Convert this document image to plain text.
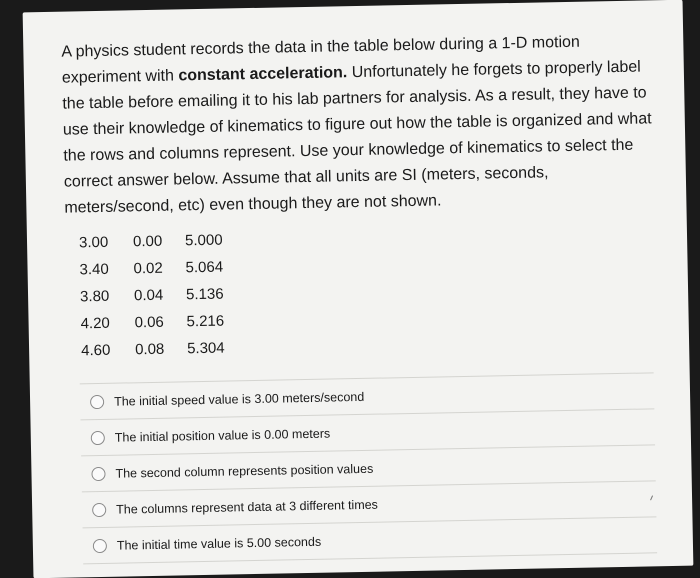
A physics student records the data in the table below during a 1-D motion

experiment with constant acceleration. Unfortunately he forgets to properly label

the table before emailing it to his lab partners for analysis. As a result, they have to

use their knowledge of kinematics to figure out how the table is organized and what

the rows and columns represent. Use your knowledge of kinematics to select the

correct answer below. Assume that all units are SI (meters, seconds,

meters/second, etc) even though they are not shown.

3.00	0.00	5.000
3.40	0.02	5.064
3.80	0.04	5.136
4.20	0.06	5.216
4.60	0.08	5.304
The initial speed value is 3.00 meters/second
The initial position value is 0.00 meters
The second column represents position values
The columns represent data at 3 different times
The initial time value is 5.00 seconds
